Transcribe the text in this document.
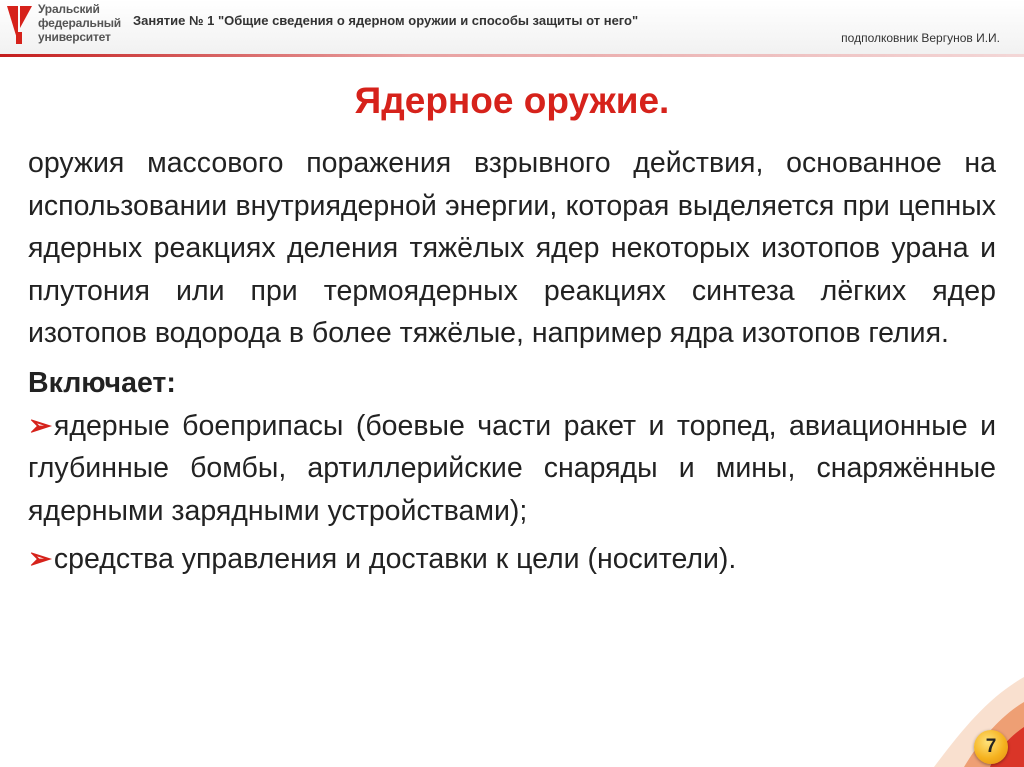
Уральский
федеральный
университет
Занятие № 1 "Общие сведения о ядерном оружии и способы защиты от него"
подполковник Вергунов И.И.
Ядерное оружие.

оружия массового поражения взрывного действия, основанное на использовании внутриядерной энергии, которая выделяется при цепных ядерных реакциях деления тяжёлых ядер некоторых изотопов урана и плутония или при термоядерных реакциях синтеза лёгких ядер изотопов водорода в более тяжёлые, например ядра изотопов гелия.

Включает:

➢ядерные боеприпасы (боевые части ракет и торпед, авиационные и глубинные бомбы, артиллерийские снаряды и мины, снаряжённые ядерными зарядными устройствами);

➢средства управления и доставки к цели (носители).

7
